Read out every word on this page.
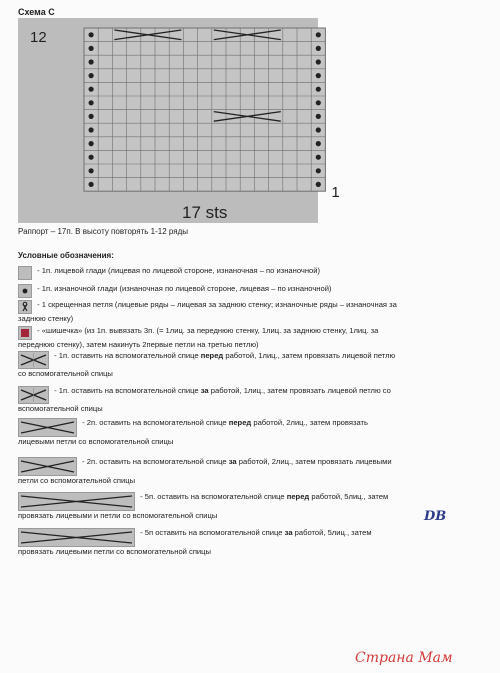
Схема С
12
1
17 sts
Раппорт – 17п. В высоту повторять 1-12 ряды
Условные обозначения:
- 1п. лицевой глади (лицевая по лицевой стороне, изнаночная – по изнаночной)
- 1п. изнаночной глади (изнаночная по лицевой стороне, лицевая – по изнаночной)
- 1 скрещенная петля (лицевые ряды – лицевая за заднюю стенку; изнаночные ряды – изнаночная за заднюю стенку)
- «шишечка» (из 1п. вывязать 3п. (= 1лиц. за переднюю стенку, 1лиц. за заднюю стенку, 1лиц. за переднюю стенку), затем накинуть 2первые петли на третью петлю)
- 1п. оставить на вспомогательной спице перед работой, 1лиц., затем провязать лицевой петлю со вспомогательной спицы
- 1п. оставить на вспомогательной спице за работой, 1лиц., затем провязать лицевой петлю со вспомогательной спицы
- 2п. оставить на вспомогательной спице перед работой, 2лиц., затем провязать лицевыми петли со вспомогательной спицы
- 2п. оставить на вспомогательной спице за работой, 2лиц., затем провязать лицевыми петли со вспомогательной спицы
- 5п. оставить на вспомогательной спице перед работой, 5лиц., затем провязать лицевыми и петли со вспомогательной спицы
- 5п оставить на вспомогательной спице за работой, 5лиц., затем провязать лицевыми петли со вспомогательной спицы
DB
Страна Мам
